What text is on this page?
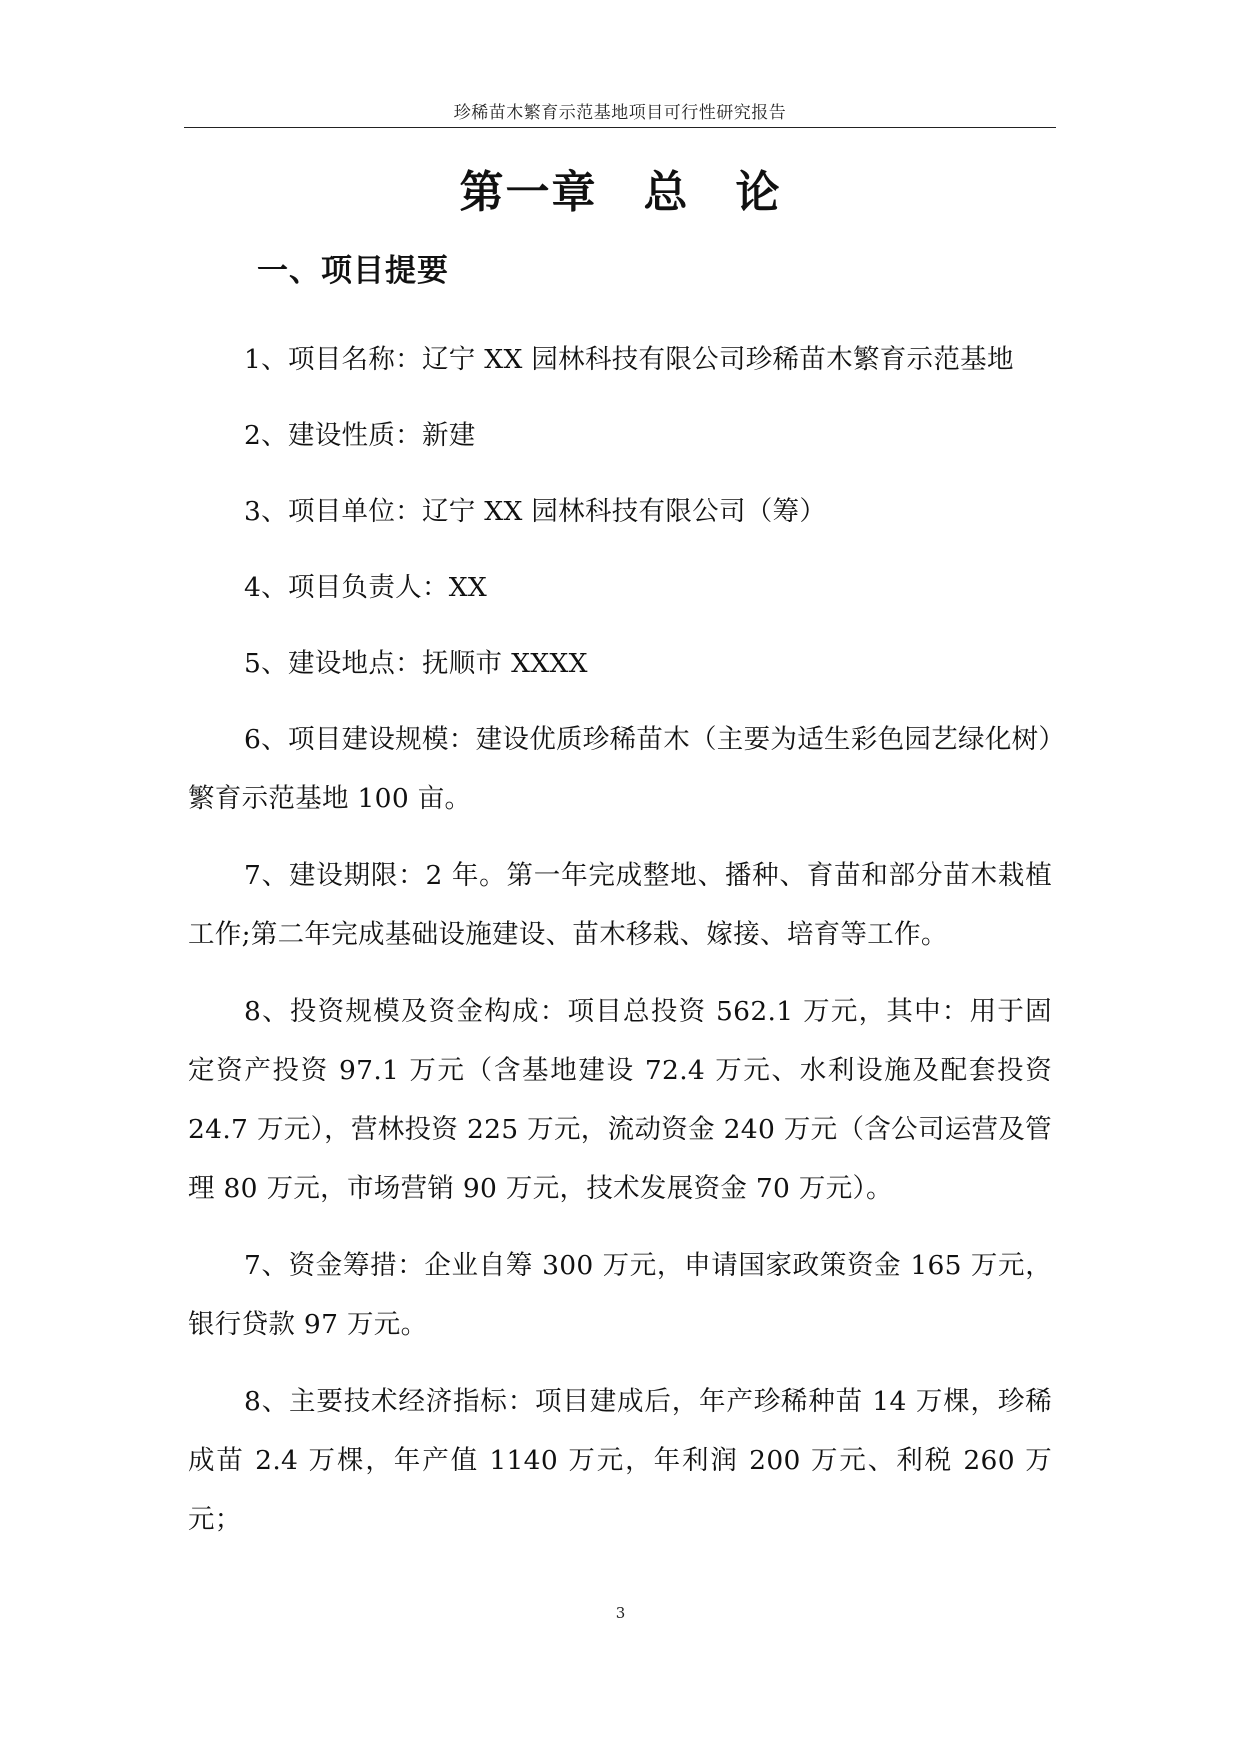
珍稀苗木繁育示范基地项目可行性研究报告
第一章　总　论
一、项目提要

1、项目名称：辽宁 XX 园林科技有限公司珍稀苗木繁育示范基地

2、建设性质：新建

3、项目单位：辽宁 XX 园林科技有限公司（筹）

4、项目负责人：XX

5、建设地点：抚顺市 XXXX

6、项目建设规模：建设优质珍稀苗木（主要为适生彩色园艺绿化树）繁育示范基地 100 亩。

7、建设期限：2 年。第一年完成整地、播种、育苗和部分苗木栽植工作;第二年完成基础设施建设、苗木移栽、嫁接、培育等工作。

8、投资规模及资金构成：项目总投资 562.1 万元，其中：用于固定资产投资 97.1 万元（含基地建设 72.4 万元、水利设施及配套投资 24.7 万元），营林投资 225 万元，流动资金 240 万元（含公司运营及管理 80 万元，市场营销 90 万元，技术发展资金 70 万元）。

7、资金筹措：企业自筹 300 万元，申请国家政策资金 165 万元，银行贷款 97 万元。

8、主要技术经济指标：项目建成后，年产珍稀种苗 14 万棵，珍稀成苗 2.4 万棵，年产值 1140 万元，年利润 200 万元、利税 260 万元；

3
